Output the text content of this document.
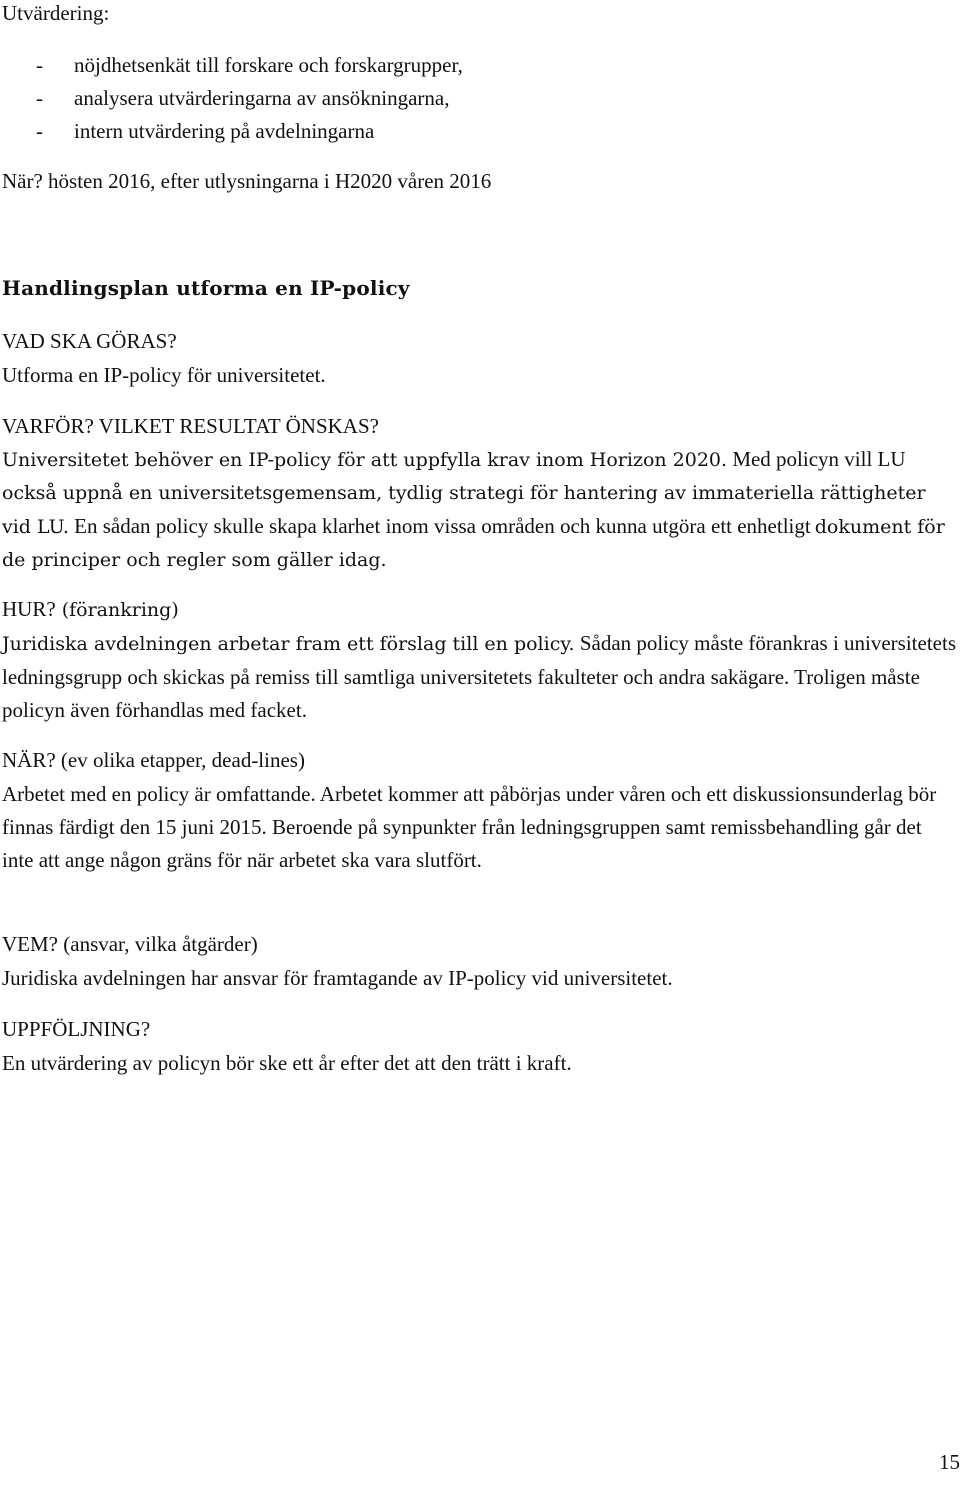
Utvärdering:

- nöjdhetsenkät till forskare och forskargrupper,
- analysera utvärderingarna av ansökningarna,
- intern utvärdering på avdelningarna

När? hösten 2016, efter utlysningarna i H2020 våren 2016

Handlingsplan utforma en IP-policy

VAD SKA GÖRAS?

Utforma en IP-policy för universitetet.

VARFÖR? VILKET RESULTAT ÖNSKAS?

Universitetet behöver en IP-policy för att uppfylla krav inom Horizon 2020. Med policyn vill LU
också uppnå en universitetsgemensam, tydlig strategi för hantering av immateriella rättigheter vid LU. En sådan policy skulle skapa klarhet inom vissa områden och kunna utgöra ett enhetligt dokument för de principer och regler som gäller idag.
HUR? (förankring)
Juridiska avdelningen arbetar fram ett förslag till en policy. Sådan policy måste förankras i universitetets ledningsgrupp och skickas på remiss till samtliga universitetets fakulteter och andra sakägare. Troligen måste policyn även förhandlas med facket.
NÄR? (ev olika etapper, dead-lines)

Arbetet med en policy är omfattande. Arbetet kommer att påbörjas under våren och ett diskussionsunderlag bör finnas färdigt den 15 juni 2015. Beroende på synpunkter från ledningsgruppen samt remissbehandling går det inte att ange någon gräns för när arbetet ska vara slutfört.

VEM? (ansvar, vilka åtgärder)

Juridiska avdelningen har ansvar för framtagande av IP-policy vid universitetet.

UPPFÖLJNING?

En utvärdering av policyn bör ske ett år efter det att den trätt i kraft.

15
